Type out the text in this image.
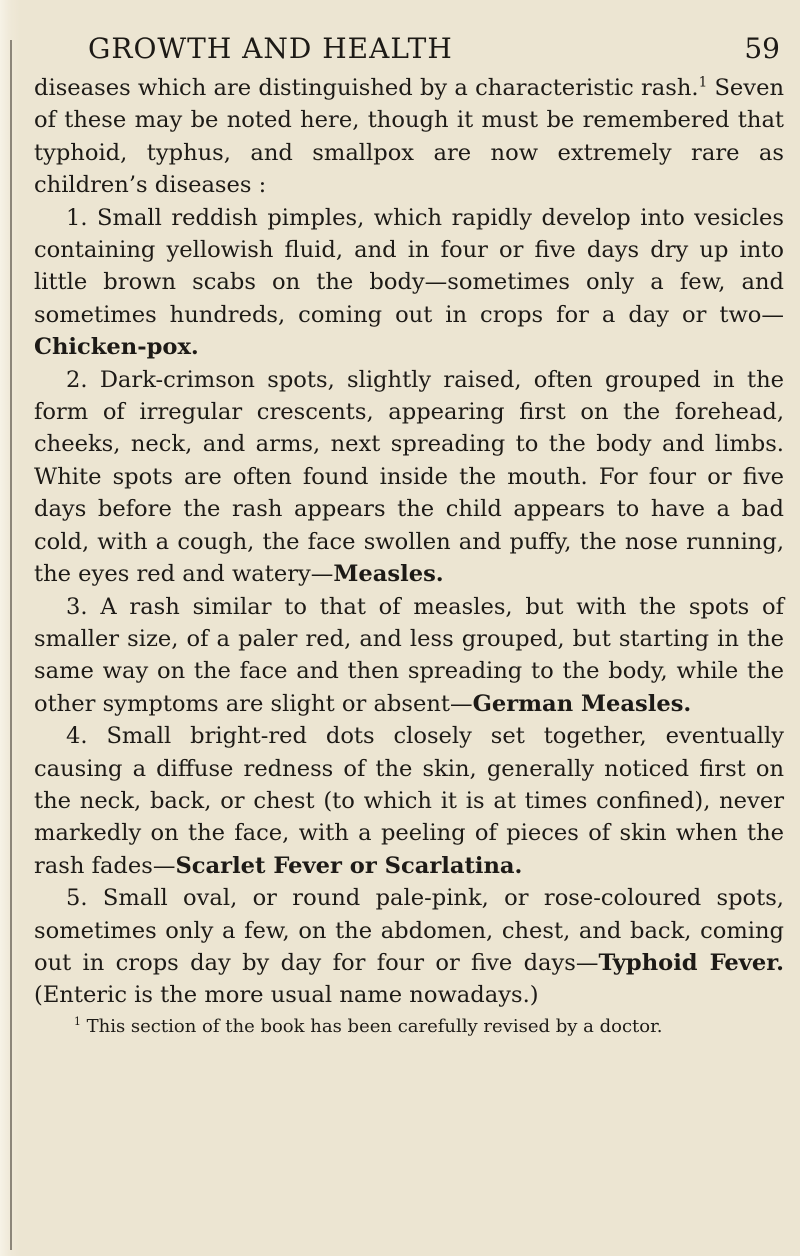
GROWTH AND HEALTH	59

diseases which are distinguished by a characteristic rash.$^1$ Seven of these may be noted here, though it must be remembered that typhoid, typhus, and smallpox are now extremely rare as children’s diseases :

1. Small reddish pimples, which rapidly develop into vesicles containing yellowish fluid, and in four or five days dry up into little brown scabs on the body—sometimes only a few, and sometimes hundreds, coming out in crops for a day or two—Chicken-pox.

2. Dark-crimson spots, slightly raised, often grouped in the form of irregular crescents, appearing first on the forehead, cheeks, neck, and arms, next spreading to the body and limbs. White spots are often found inside the mouth. For four or five days before the rash appears the child appears to have a bad cold, with a cough, the face swollen and puffy, the nose running, the eyes red and watery—Measles.

3. A rash similar to that of measles, but with the spots of smaller size, of a paler red, and less grouped, but starting in the same way on the face and then spreading to the body, while the other symptoms are slight or absent—German Measles.

4. Small bright-red dots closely set together, eventually causing a diffuse redness of the skin, generally noticed first on the neck, back, or chest (to which it is at times confined), never markedly on the face, with a peeling of pieces of skin when the rash fades—Scarlet Fever or Scarlatina.

5. Small oval, or round pale-pink, or rose-coloured spots, sometimes only a few, on the abdomen, chest, and back, coming out in crops day by day for four or five days—Typhoid Fever. (Enteric is the more usual name nowadays.)

$^1$ This section of the book has been carefully revised by a doctor.
